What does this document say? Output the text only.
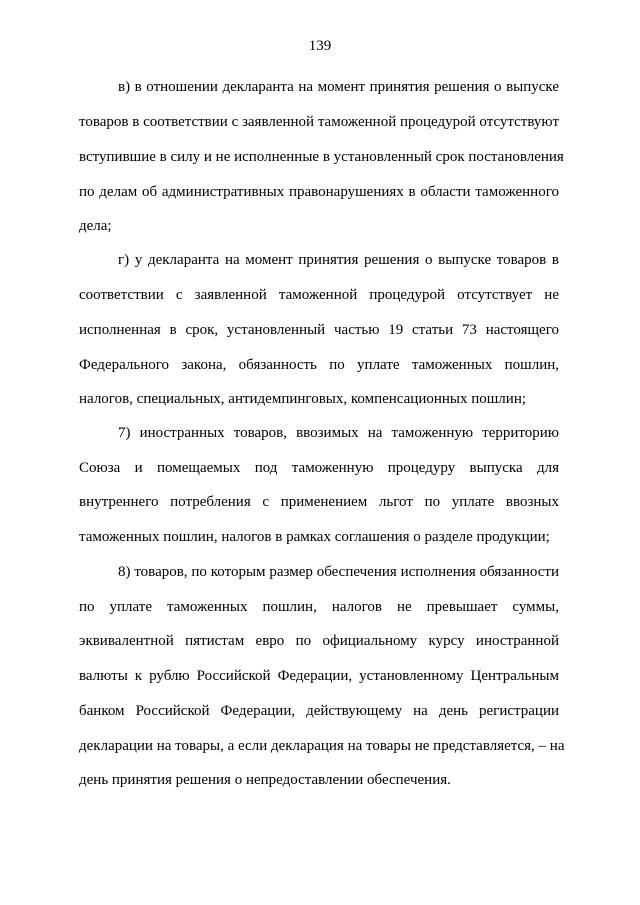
139
в) в отношении декларанта на момент принятия решения о выпуске
товаров в соответствии с заявленной таможенной процедурой отсутствуют
вступившие в силу и не исполненные в установленный срок постановления
по делам об административных правонарушениях в области таможенного
дела;
г) у декларанта на момент принятия решения о выпуске товаров в
соответствии с заявленной таможенной процедурой отсутствует не
исполненная в срок, установленный частью 19 статьи 73 настоящего
Федерального закона, обязанность по уплате таможенных пошлин,
налогов, специальных, антидемпинговых, компенсационных пошлин;
7) иностранных товаров, ввозимых на таможенную территорию
Союза и помещаемых под таможенную процедуру выпуска для
внутреннего потребления с применением льгот по уплате ввозных
таможенных пошлин, налогов в рамках соглашения о разделе продукции;
8) товаров, по которым размер обеспечения исполнения обязанности
по уплате таможенных пошлин, налогов не превышает суммы,
эквивалентной пятистам евро по официальному курсу иностранной
валюты к рублю Российской Федерации, установленному Центральным
банком Российской Федерации, действующему на день регистрации
декларации на товары, а если декларация на товары не представляется, – на
день принятия решения о непредоставлении обеспечения.
